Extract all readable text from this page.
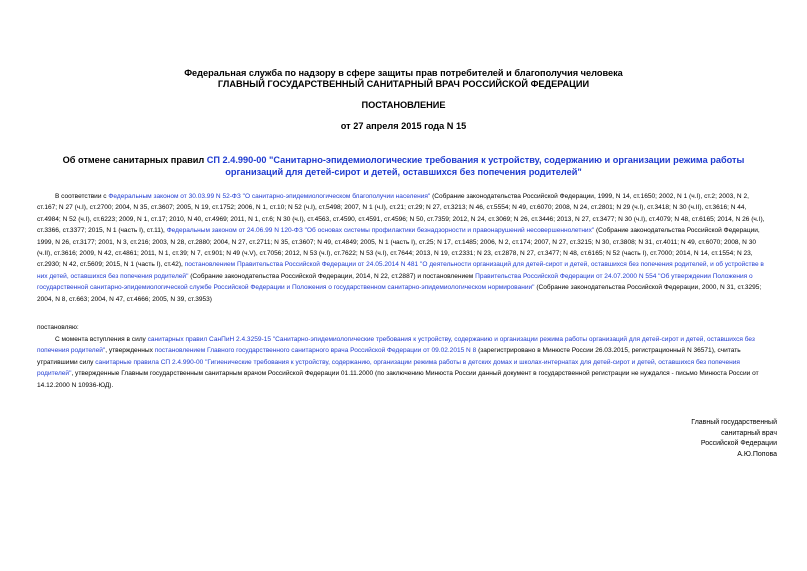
Федеральная служба по надзору в сфере защиты прав потребителей и благополучия человека
ГЛАВНЫЙ ГОСУДАРСТВЕННЫЙ САНИТАРНЫЙ ВРАЧ РОССИЙСКОЙ ФЕДЕРАЦИИ
ПОСТАНОВЛЕНИЕ
от 27 апреля 2015 года N 15
Об отмене санитарных правил СП 2.4.990-00 "Санитарно-эпидемиологические требования к устройству, содержанию и организации режима работы организаций для детей-сирот и детей, оставшихся без попечения родителей"
В соответствии с Федеральным законом от 30.03.99 N 52-ФЗ "О санитарно-эпидемиологическом благополучии населения" (Собрание законодательства Российской Федерации, 1999, N 14, ст.1650; 2002, N 1 (ч.I), ст.2; 2003, N 2, ст.167; N 27 (ч.I), ст.2700; 2004, N 35, ст.3607; 2005, N 19, ст.1752; 2006, N 1, ст.10; N 52 (ч.I), ст.5498; 2007, N 1 (ч.I), ст.21; ст.29; N 27, ст.3213; N 46, ст.5554; N 49, ст.6070; 2008, N 24, ст.2801; N 29 (ч.I), ст.3418; N 30 (ч.II), ст.3616; N 44, ст.4984; N 52 (ч.I), ст.6223; 2009, N 1, ст.17; 2010, N 40, ст.4969; 2011, N 1, ст.6; N 30 (ч.I), ст.4563, ст.4590, ст.4591, ст.4596; N 50, ст.7359; 2012, N 24, ст.3069; N 26, ст.3446; 2013, N 27, ст.3477; N 30 (ч.I), ст.4079; N 48, ст.6165; 2014, N 26 (ч.I), ст.3366, ст.3377; 2015, N 1 (часть I), ст.11), Федеральным законом от 24.06.99 N 120-ФЗ "Об основах системы профилактики безнадзорности и правонарушений несовершеннолетних" (Собрание законодательства Российской Федерации, 1999, N 26, ст.3177; 2001, N 3, ст.216; 2003, N 28, ст.2880; 2004, N 27, ст.2711; N 35, ст.3607; N 49, ст.4849; 2005, N 1 (часть I), ст.25; N 17, ст.1485; 2006, N 2, ст.174; 2007, N 27, ст.3215; N 30, ст.3808; N 31, ст.4011; N 49, ст.6070; 2008, N 30 (ч.II), ст.3616; 2009, N 42, ст.4861; 2011, N 1, ст.39; N 7, ст.901; N 49 (ч.V), ст.7056; 2012, N 53 (ч.I), ст.7622; N 53 (ч.I), ст.7644; 2013, N 19, ст.2331; N 23, ст.2878, N 27, ст.3477; N 48, ст.6165; N 52 (часть I), ст.7000; 2014, N 14, ст.1554; N 23, ст.2930; N 42, ст.5609; 2015, N 1 (часть I), ст.42), постановлением Правительства Российской Федерации от 24.05.2014 N 481 "О деятельности организаций для детей-сирот и детей, оставшихся без попечения родителей, и об устройстве в них детей, оставшихся без попечения родителей" (Собрание законодательства Российской Федерации, 2014, N 22, ст.2887) и постановлением Правительства Российской Федерации от 24.07.2000 N 554 "Об утверждении Положения о государственной санитарно-эпидемиологической службе Российской Федерации и Положения о государственном санитарно-эпидемиологическом нормировании" (Собрание законодательства Российской Федерации, 2000, N 31, ст.3295; 2004, N 8, ст.663; 2004, N 47, ст.4666; 2005, N 39, ст.3953)
постановляю:
С момента вступления в силу санитарных правил СанПиН 2.4.3259-15 "Санитарно-эпидемиологические требования к устройству, содержанию и организации режима работы организаций для детей-сирот и детей, оставшихся без попечения родителей", утвержденных постановлением Главного государственного санитарного врача Российской Федерации от 09.02.2015 N 8 (зарегистрировано в Минюсте России 26.03.2015, регистрационный N 36571), считать утратившими силу санитарные правила СП 2.4.990-00 "Гигиенические требования к устройству, содержанию, организации режима работы в детских домах и школах-интернатах для детей-сирот и детей, оставшихся без попечения родителей", утвержденные Главным государственным санитарным врачом Российской Федерации 01.11.2000 (по заключению Минюста России данный документ в государственной регистрации не нуждался - письмо Минюста России от 14.12.2000 N 10936-ЮД).
Главный государственный
санитарный врач
Российской Федерации
А.Ю.Попова
